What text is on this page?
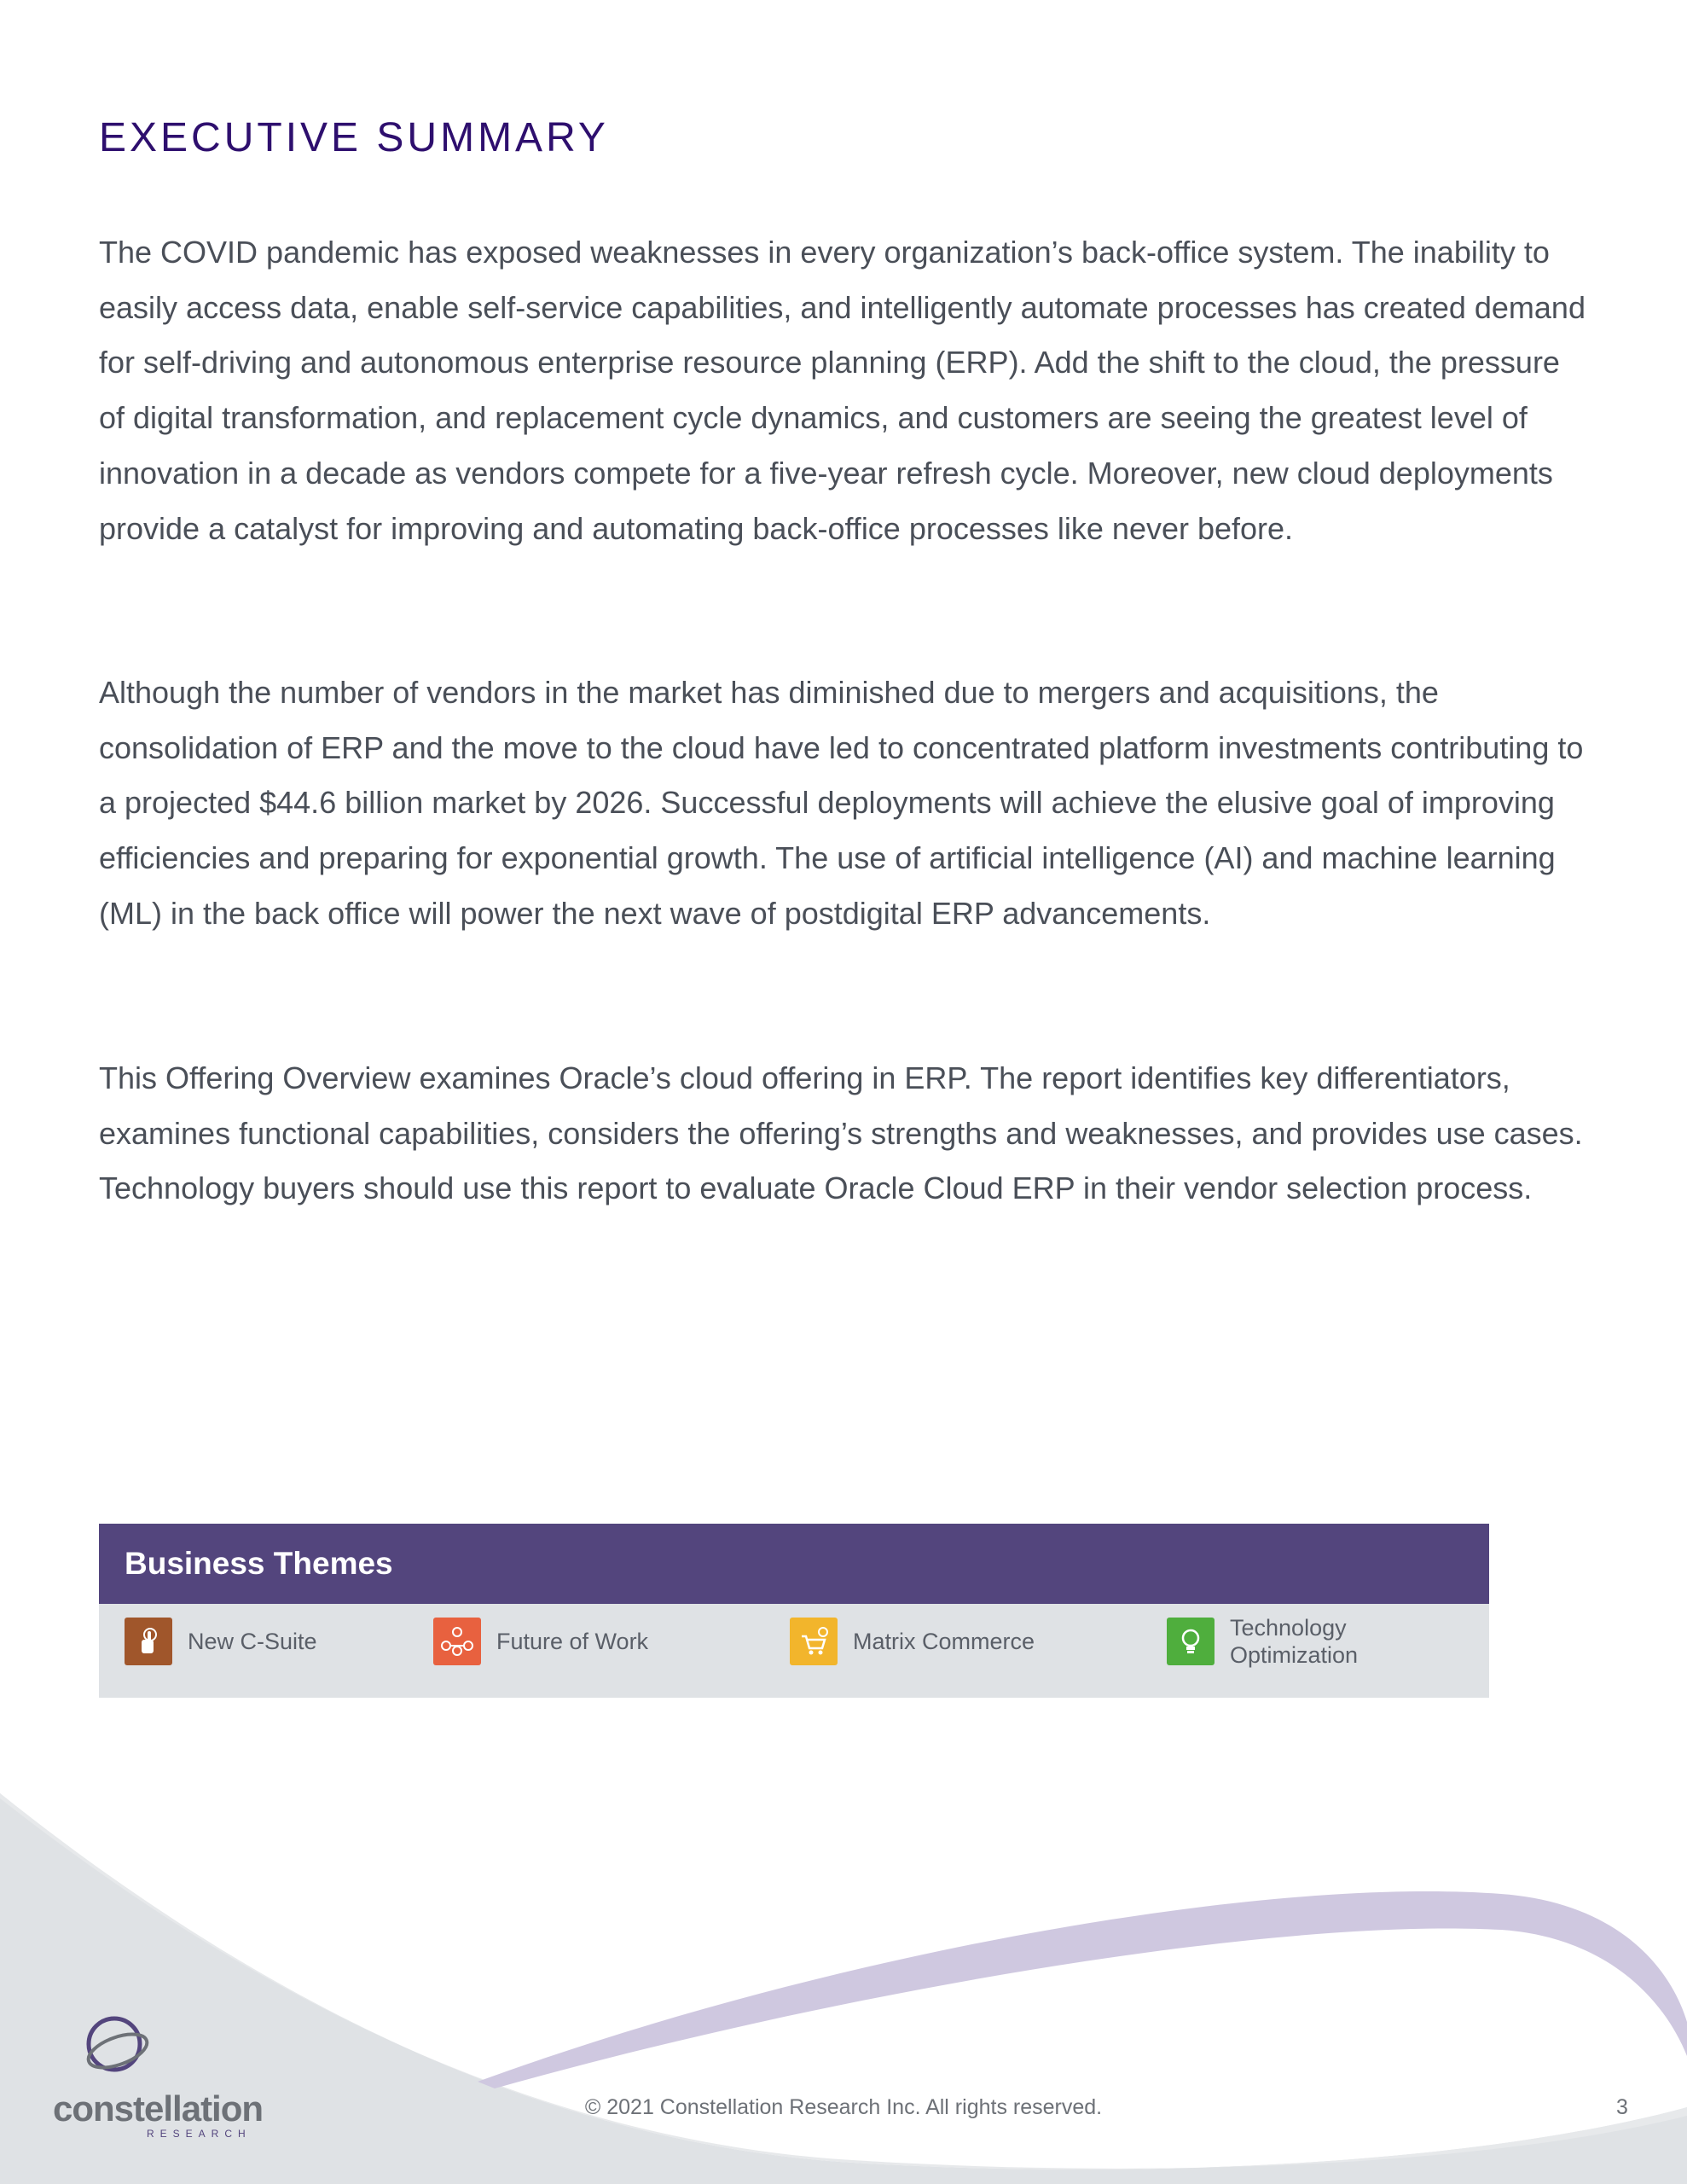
EXECUTIVE SUMMARY

The COVID pandemic has exposed weaknesses in every organization’s back-office system. The inability to easily access data, enable self-service capabilities, and intelligently automate processes has created demand for self-driving and autonomous enterprise resource planning (ERP). Add the shift to the cloud, the pressure of digital transformation, and replacement cycle dynamics, and customers are seeing the greatest level of innovation in a decade as vendors compete for a five-year refresh cycle. Moreover, new cloud deployments provide a catalyst for improving and automating back-office processes like never before.

Although the number of vendors in the market has diminished due to mergers and acquisitions, the consolidation of ERP and the move to the cloud have led to concentrated platform investments contributing to a projected $44.6 billion market by 2026. Successful deployments will achieve the elusive goal of improving efficiencies and preparing for exponential growth. The use of artificial intelligence (AI) and machine learning (ML) in the back office will power the next wave of postdigital ERP advancements.

This Offering Overview examines Oracle’s cloud offering in ERP. The report identifies key differentiators, examines functional capabilities, considers the offering’s strengths and weaknesses, and provides use cases. Technology buyers should use this report to evaluate Oracle Cloud ERP in their vendor selection process.

Business Themes
New C-Suite	Future of Work	Matrix Commerce
Technology
Optimization
constellation
RESEARCH
© 2021 Constellation Research Inc. All rights reserved.	3
